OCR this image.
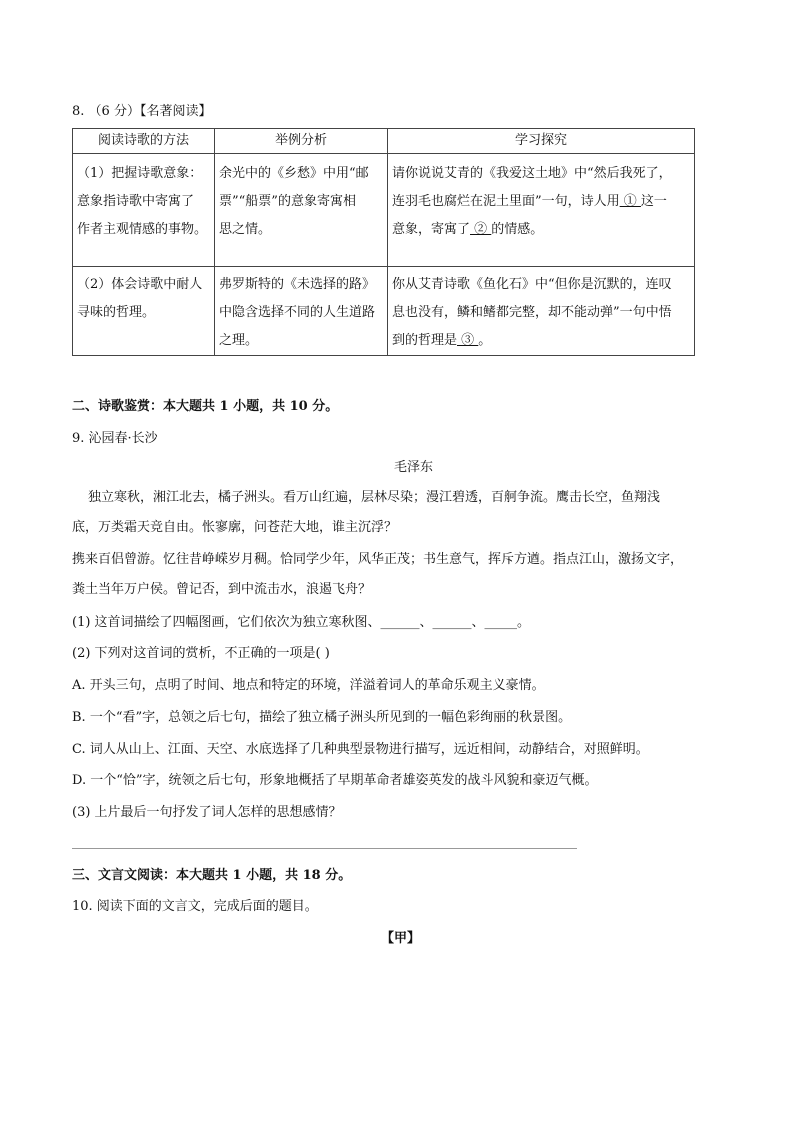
8. （6 分）【名著阅读】
阅读诗歌的方法	举例分析	学习探究

（1）把握诗歌意象：
意象指诗歌中寄寓了
作者主观情感的事物。	余光中的《乡愁》中用“邮
票”“船票”的意象寄寓相
思之情。	请你说说艾青的《我爱这土地》中“然后我死了，
连羽毛也腐烂在泥土里面”一句，诗人用 ① 这一
意象，寄寓了 ② 的情感。

（2）体会诗歌中耐人
寻味的哲理。	弗罗斯特的《未选择的路》
中隐含选择不同的人生道路
之理。	你从艾青诗歌《鱼化石》中“但你是沉默的，连叹
息也没有，鳞和鳍都完整，却不能动弹”一句中悟
到的哲理是 ③ 。
二、诗歌鉴赏：本大题共 1 小题，共 10 分。
9. 沁园春·长沙
毛泽东
独立寒秋，湘江北去，橘子洲头。看万山红遍，层林尽染；漫江碧透，百舸争流。鹰击长空，鱼翔浅
底，万类霜天竞自由。怅寥廓，问苍茫大地，谁主沉浮？
携来百侣曾游。忆往昔峥嵘岁月稠。恰同学少年，风华正茂；书生意气，挥斥方遒。指点江山，激扬文字，
粪土当年万户侯。曾记否，到中流击水，浪遏飞舟？
(1) 这首词描绘了四幅图画，它们依次为独立寒秋图、______、______、_____。
(2) 下列对这首词的赏析，不正确的一项是( )
A. 开头三句，点明了时间、地点和特定的环境，洋溢着词人的革命乐观主义豪情。
B. 一个“看”字，总领之后七句，描绘了独立橘子洲头所见到的一幅色彩绚丽的秋景图。
C. 词人从山上、江面、天空、水底选择了几种典型景物进行描写，远近相间，动静结合，对照鲜明。
D. 一个“恰”字，统领之后七句，形象地概括了早期革命者雄姿英发的战斗风貌和豪迈气概。
(3) 上片最后一句抒发了词人怎样的思想感情？
三、文言文阅读：本大题共 1 小题，共 18 分。
10. 阅读下面的文言文，完成后面的题目。
【甲】
